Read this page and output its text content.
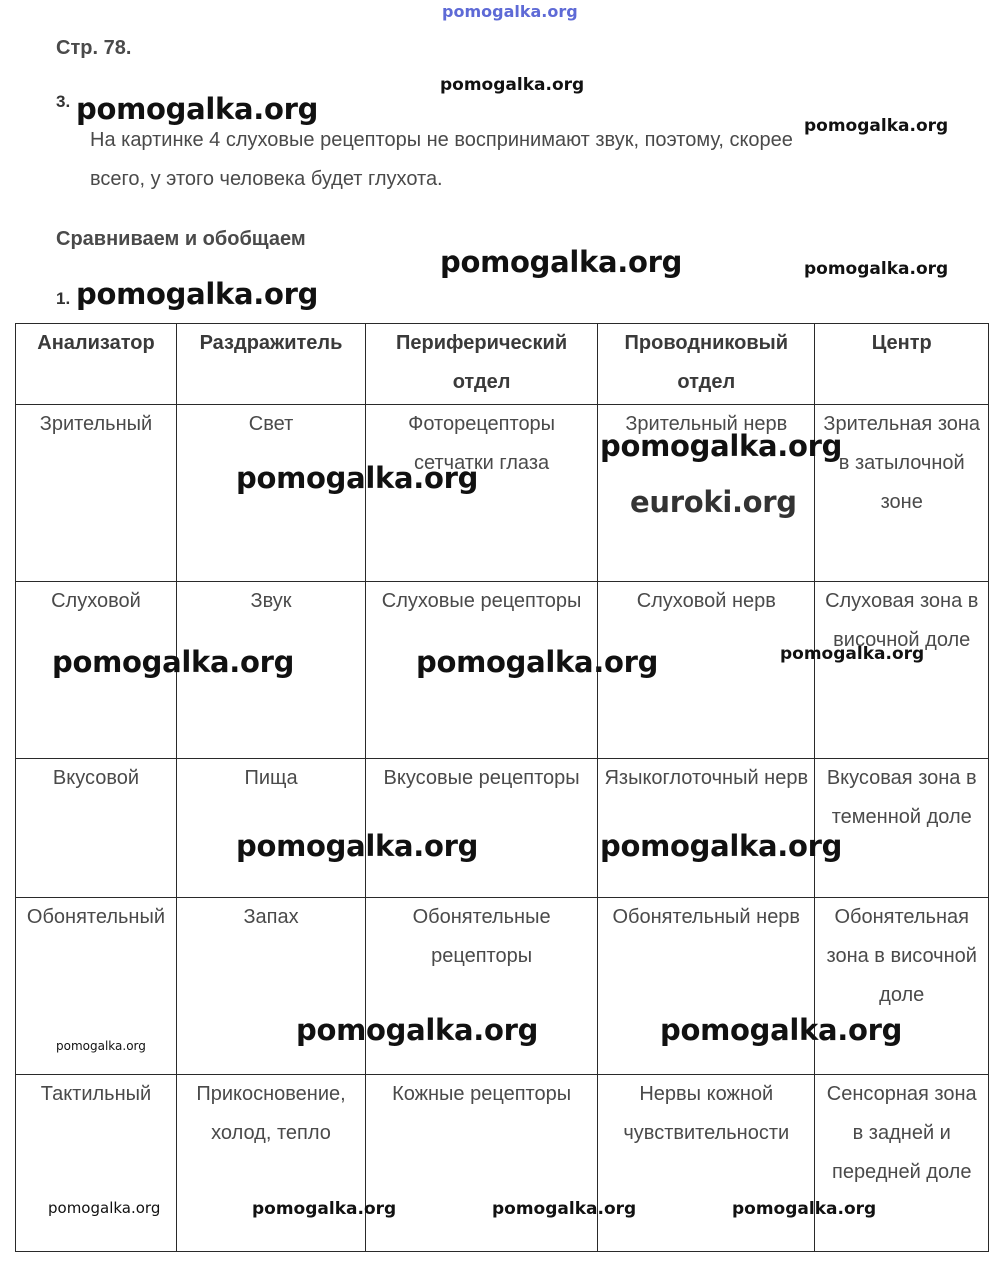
pomogalka.org
Стр. 78.
3.
На картинке 4 слуховые рецепторы не воспринимают звук, поэтому, скорее
всего, у этого человека будет глухота.
Сравниваем и обобщаем
1.
Анализатор	Раздражитель	Периферический отдел	Проводниковый отдел	Центр
Зрительный	Свет	Фоторецепторы сетчатки глаза	Зрительный нерв	Зрительная зона в затылочной зоне
Слуховой	Звук	Слуховые рецепторы	Слуховой нерв	Слуховая зона в височной доле
Вкусовой	Пища	Вкусовые рецепторы	Языкоглоточный нерв	Вкусовая зона в теменной доле
Обонятельный	Запах	Обонятельные рецепторы	Обонятельный нерв	Обонятельная зона в височной доле
Тактильный	Прикосновение, холод, тепло	Кожные рецепторы	Нервы кожной чувствительности	Сенсорная зона в задней и передней доле
pomogalka.org
pomogalka.org	pomogalka.org
pomogalka.org	pomogalka.org
pomogalka.org
pomogalka.org
pomogalka.org
euroki.org
pomogalka.org
pomogalka.org	pomogalka.org
pomogalka.org	pomogalka.org
pomogalka.org	pomogalka.org
pomogalka.org
pomogalka.org	pomogalka.org	pomogalka.org	pomogalka.org
